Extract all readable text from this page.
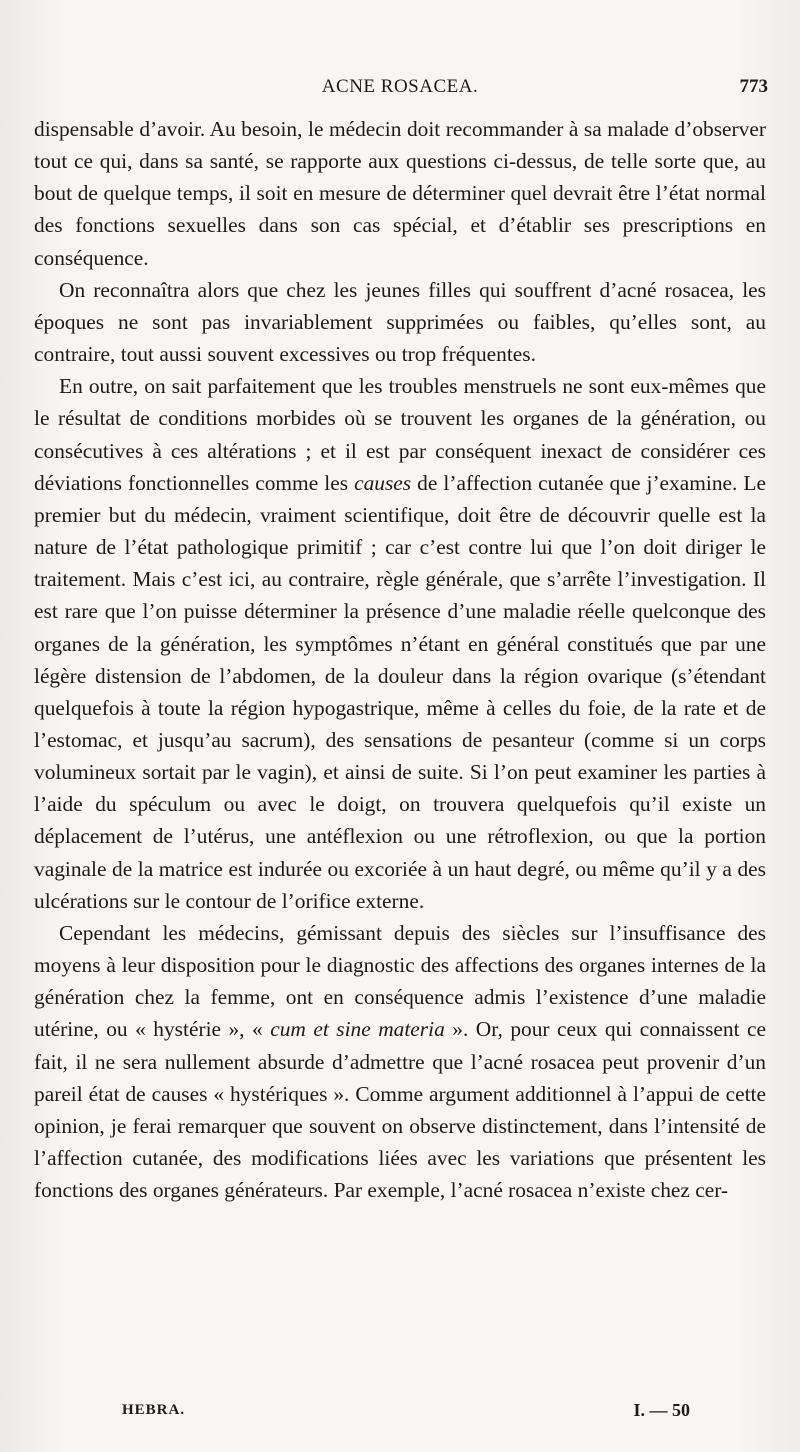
ACNE ROSACEA.	773

dispensable d’avoir. Au besoin, le médecin doit recommander à sa malade d’observer tout ce qui, dans sa santé, se rapporte aux questions ci-dessus, de telle sorte que, au bout de quelque temps, il soit en mesure de déterminer quel devrait être l’état normal des fonctions sexuelles dans son cas spécial, et d’établir ses prescriptions en conséquence.

On reconnaîtra alors que chez les jeunes filles qui souffrent d’acné rosacea, les époques ne sont pas invariablement supprimées ou faibles, qu’elles sont, au contraire, tout aussi souvent excessives ou trop fréquentes.

En outre, on sait parfaitement que les troubles menstruels ne sont eux-mêmes que le résultat de conditions morbides où se trouvent les organes de la génération, ou consécutives à ces altérations ; et il est par conséquent inexact de considérer ces déviations fonctionnelles comme les causes de l’affection cutanée que j’examine. Le premier but du médecin, vraiment scientifique, doit être de découvrir quelle est la nature de l’état pathologique primitif ; car c’est contre lui que l’on doit diriger le traitement. Mais c’est ici, au contraire, règle générale, que s’arrête l’investigation. Il est rare que l’on puisse déterminer la présence d’une maladie réelle quelconque des organes de la génération, les symptômes n’étant en général constitués que par une légère distension de l’abdomen, de la douleur dans la région ovarique (s’étendant quelquefois à toute la région hypogastrique, même à celles du foie, de la rate et de l’estomac, et jusqu’au sacrum), des sensations de pesanteur (comme si un corps volumineux sortait par le vagin), et ainsi de suite. Si l’on peut examiner les parties à l’aide du spéculum ou avec le doigt, on trouvera quelquefois qu’il existe un déplacement de l’utérus, une antéflexion ou une rétroflexion, ou que la portion vaginale de la matrice est indurée ou excoriée à un haut degré, ou même qu’il y a des ulcérations sur le contour de l’orifice externe.

Cependant les médecins, gémissant depuis des siècles sur l’insuffisance des moyens à leur disposition pour le diagnostic des affections des organes internes de la génération chez la femme, ont en conséquence admis l’existence d’une maladie utérine, ou « hystérie », « cum et sine materia ». Or, pour ceux qui connaissent ce fait, il ne sera nullement absurde d’admettre que l’acné rosacea peut provenir d’un pareil état de causes « hystériques ». Comme argument additionnel à l’appui de cette opinion, je ferai remarquer que souvent on observe distinctement, dans l’intensité de l’affection cutanée, des modifications liées avec les variations que présentent les fonctions des organes générateurs. Par exemple, l’acné rosacea n’existe chez cer-

HEBRA.	I. — 50
